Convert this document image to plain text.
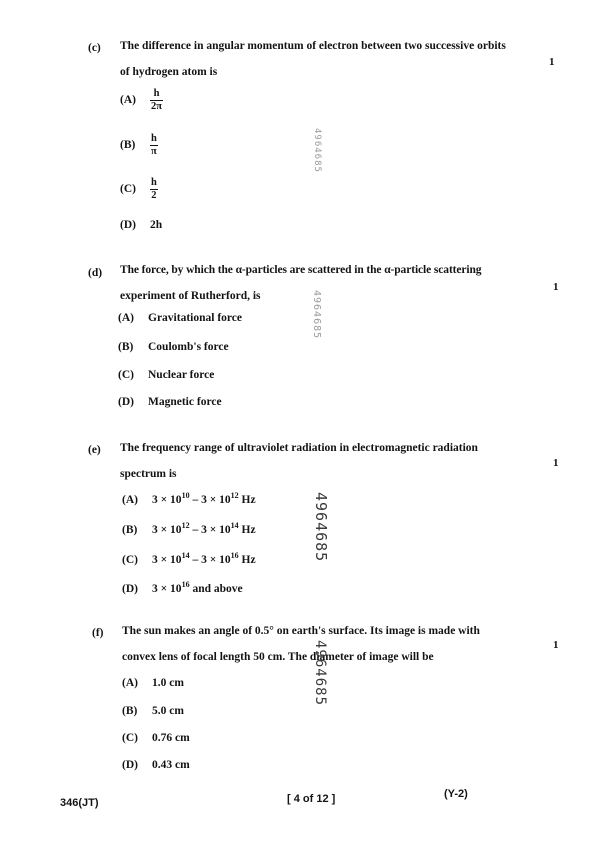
(c) The difference in angular momentum of electron between two successive orbits
of hydrogen atom is
1
$(A) \frac{h}{2\pi}$
$(B) \frac{h}{\pi}$
$(C) \frac{h}{2}$
(D) 2h
4964685
(d) The force, by which the α-particles are scattered in the α-particle scattering
experiment of Rutherford, is
1
(A) Gravitational force
(B) Coulomb's force
(C) Nuclear force
(D) Magnetic force
4964685
(e) The frequency range of ultraviolet radiation in electromagnetic radiation
spectrum is
1
(A) $3 \times 10^{10} - 3 \times 10^{12}$ Hz
(B) $3 \times 10^{12} - 3 \times 10^{14}$ Hz
(C) $3 \times 10^{14} - 3 \times 10^{16}$ Hz
(D) $3 \times 10^{16}$ and above
4964685
(f) The sun makes an angle of 0.5° on earth's surface. Its image is made with
convex lens of focal length 50 cm. The diameter of image will be
1
(A) 1.0 cm
(B) 5.0 cm
(C) 0.76 cm
(D) 0.43 cm
4964685
346(JT)	[ 4 of 12 ]	(Y-2)
